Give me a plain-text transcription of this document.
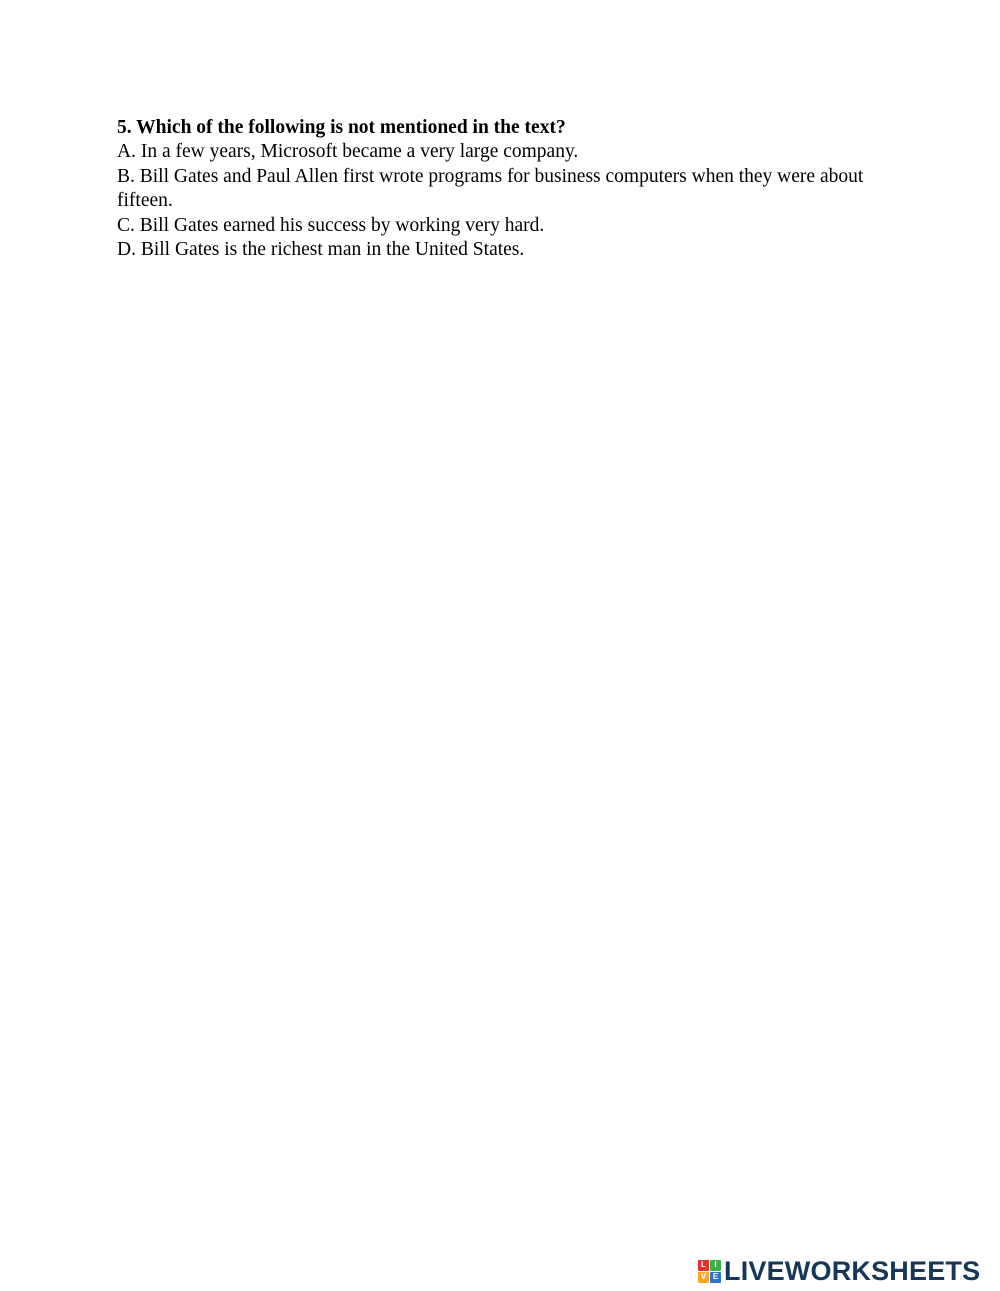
5. Which of the following is not mentioned in the text?

A. In a few years, Microsoft became a very large company.

B. Bill Gates and Paul Allen first wrote programs for business computers when they were about fifteen.

C. Bill Gates earned his success by working very hard.

D. Bill Gates is the richest man in the United States.

L	I
V E LIVEWORKSHEETS
